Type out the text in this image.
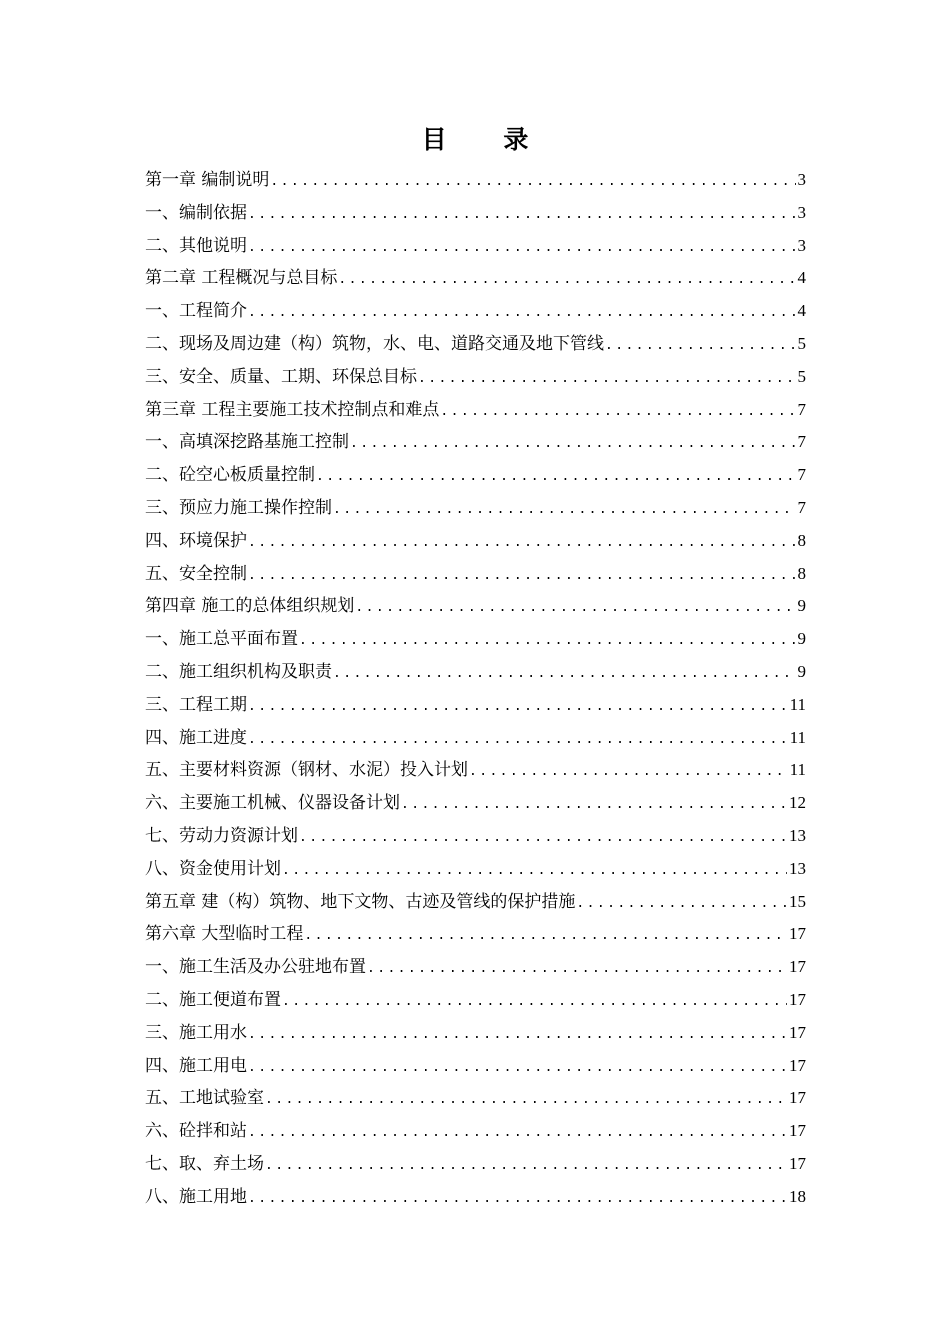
目 录
第一章 编制说明 .....	3
一、编制依据 .....	3
二、其他说明 .....	3
第二章 工程概况与总目标 .....	4
一、工程简介 .....	4
二、现场及周边建（构）筑物，水、电、道路交通及地下管线 .....	5
三、安全、质量、工期、环保总目标 .....	5
第三章 工程主要施工技术控制点和难点 .....	7
一、高填深挖路基施工控制 .....	7
二、砼空心板质量控制 .....	7
三、预应力施工操作控制 .....	7
四、环境保护 .....	8
五、安全控制 .....	8
第四章 施工的总体组织规划 .....	9
一、施工总平面布置 .....	9
二、施工组织机构及职责 .....	9
三、工程工期 .....	11
四、施工进度 .....	11
五、主要材料资源（钢材、水泥）投入计划 .....	11
六、主要施工机械、仪器设备计划 .....	12
七、劳动力资源计划 .....	13
八、资金使用计划 .....	13
第五章 建（构）筑物、地下文物、古迹及管线的保护措施 .....	15
第六章 大型临时工程 .....	17
一、施工生活及办公驻地布置 .....	17
二、施工便道布置 .....	17
三、施工用水 .....	17
四、施工用电 .....	17
五、工地试验室 .....	17
六、砼拌和站 .....	17
七、取、弃土场 .....	17
八、施工用地 .....	18
